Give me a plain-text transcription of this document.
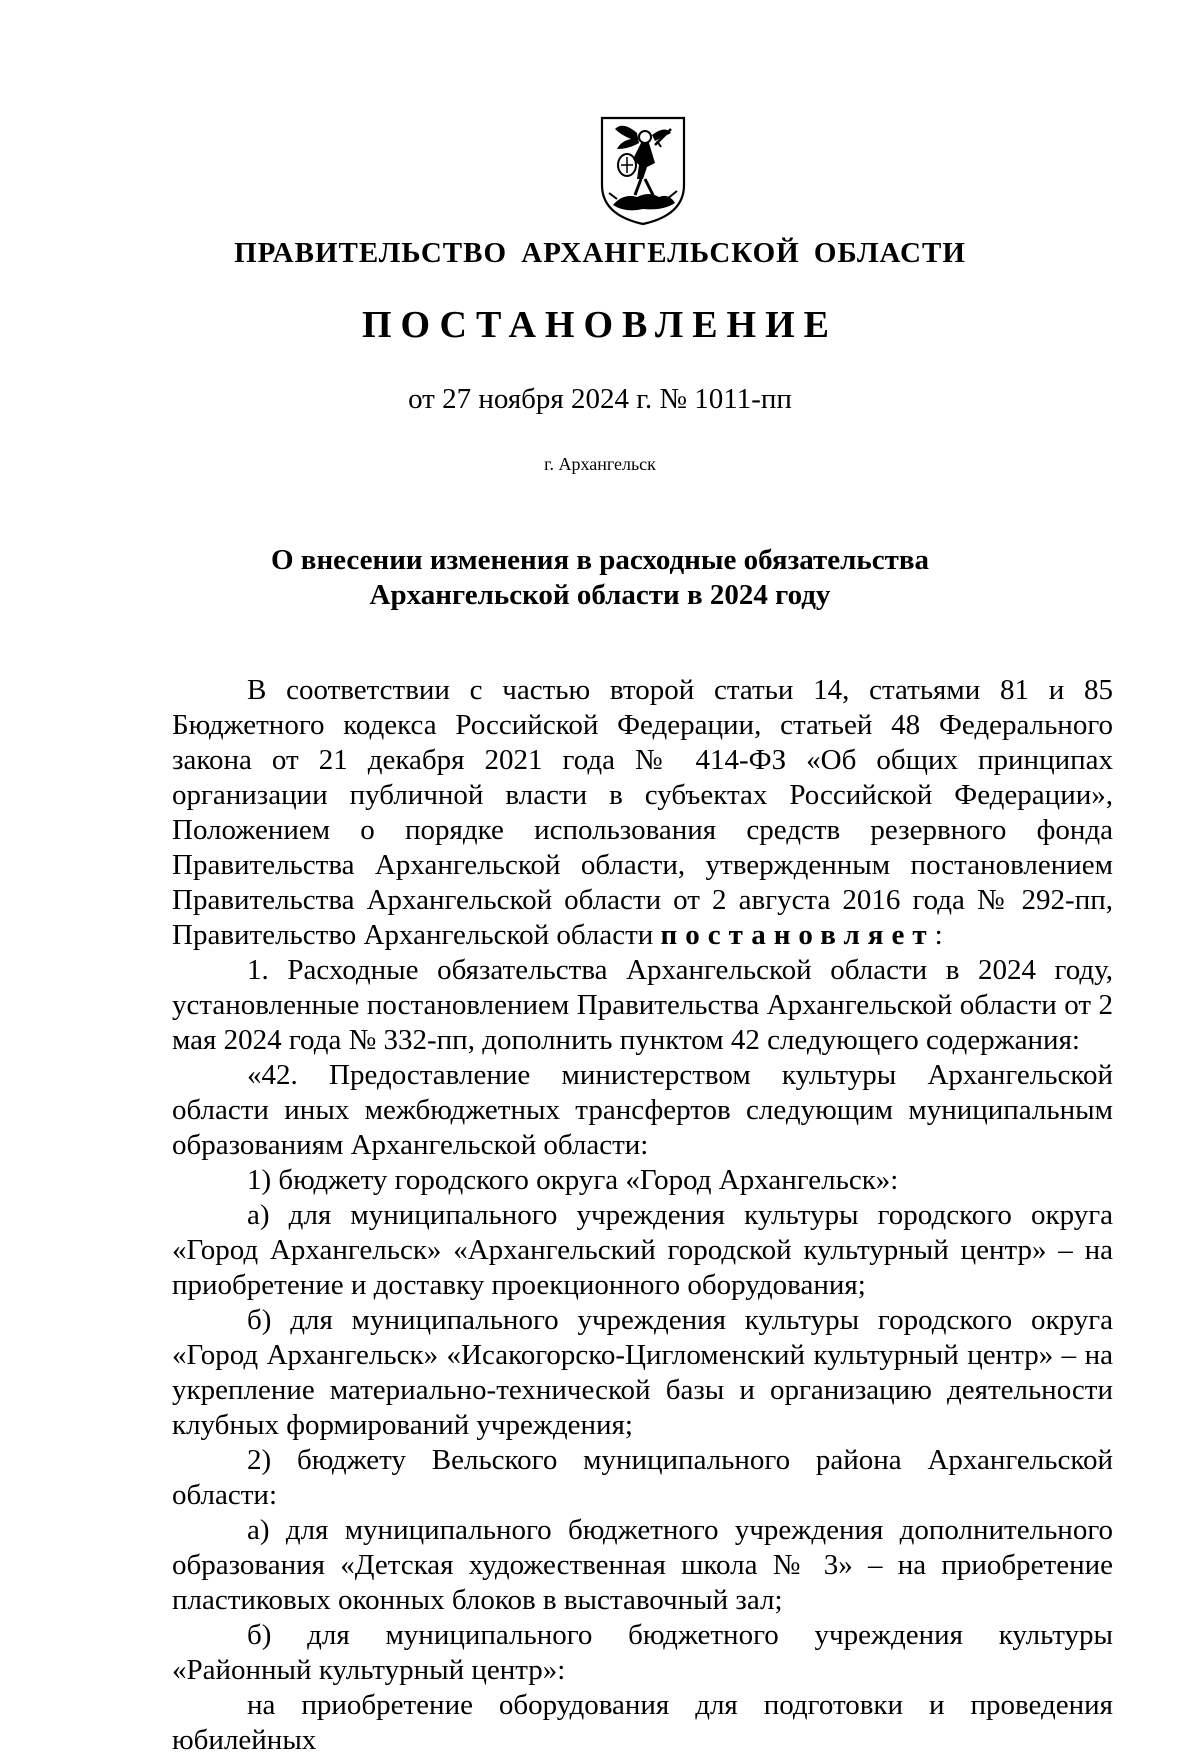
ПРАВИТЕЛЬСТВО АРХАНГЕЛЬСКОЙ ОБЛАСТИ
ПОСТАНОВЛЕНИЕ
от 27 ноября 2024 г. № 1011-пп
г. Архангельск
О внесении изменения в расходные обязательства
Архангельской области в 2024 году

В соответствии с частью второй статьи 14, статьями 81 и 85 Бюджетного кодекса Российской Федерации, статьей 48 Федерального закона от 21 декабря 2021 года № 414-ФЗ «Об общих принципах организации публичной власти в субъектах Российской Федерации», Положением о порядке использования средств резервного фонда Правительства Архангельской области, утвержденным постановлением Правительства Архангельской области от 2 августа 2016 года № 292-пп, Правительство Архангельской области постановляет:

1. Расходные обязательства Архангельской области в 2024 году, установленные постановлением Правительства Архангельской области от 2 мая 2024 года № 332-пп, дополнить пунктом 42 следующего содержания:

«42. Предоставление министерством культуры Архангельской области иных межбюджетных трансфертов следующим муниципальным образованиям Архангельской области:

1) бюджету городского округа «Город Архангельск»:

а) для муниципального учреждения культуры городского округа «Город Архангельск» «Архангельский городской культурный центр» – на приобретение и доставку проекционного оборудования;

б) для муниципального учреждения культуры городского округа «Город Архангельск» «Исакогорско-Цигломенский культурный центр» – на укрепление материально-технической базы и организацию деятельности клубных формирований учреждения;

2) бюджету Вельского муниципального района Архангельской области:

а) для муниципального бюджетного учреждения дополнительного образования «Детская художественная школа № 3» – на приобретение пластиковых оконных блоков в выставочный зал;

б) для муниципального бюджетного учреждения культуры «Районный культурный центр»:

на приобретение оборудования для подготовки и проведения юбилейных
